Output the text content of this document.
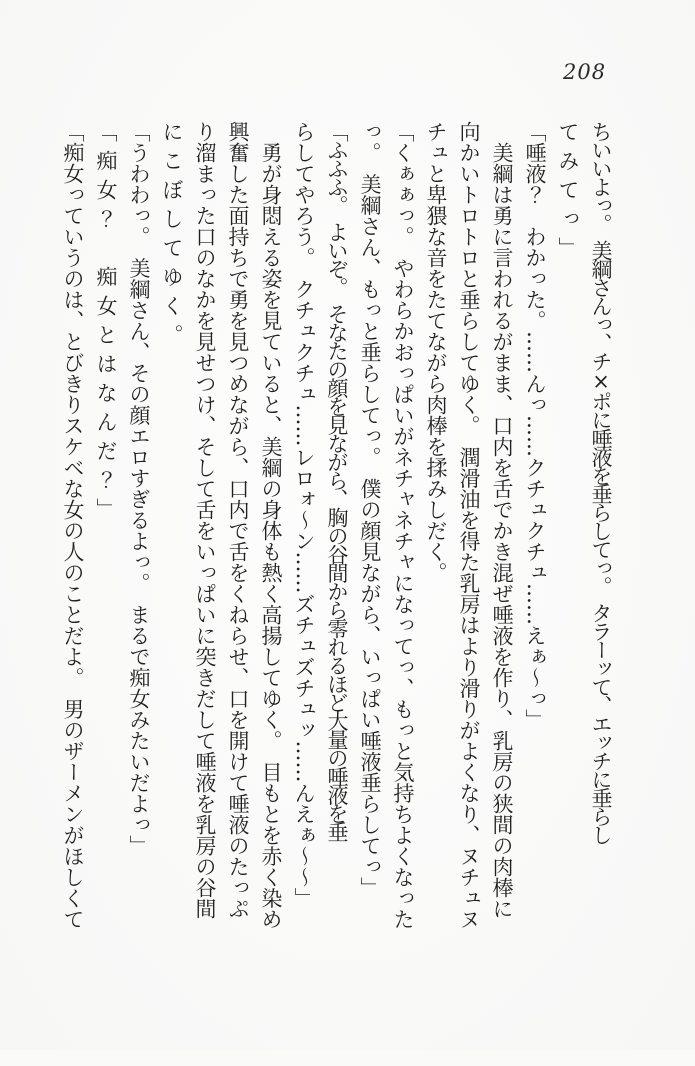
208

ちいいよっ。　美綱さんっ、チ×ポに唾液を垂らしてっ。　タラーッて、エッチに垂らし

てみてっ」

「唾液？　わかった。……んっ……クチュクチュ……えぁ～っ」

　美綱は勇に言われるがまま、口内を舌でかき混ぜ唾液を作り、乳房の狭間の肉棒に

向かいトロトロと垂らしてゆく。　潤滑油を得た乳房はより滑りがよくなり、ヌチュヌ

チュと卑猥な音をたてながら肉棒を揉みしだく。

「くぁぁっ。　やわらかおっぱいがネチャネチャになってっ、もっと気持ちよくなった

っ。　美綱さん、もっと垂らしてっ。　僕の顔見ながら、いっぱい唾液垂らしてっ」

「ふふふ。　よいぞ。　そなたの顔を見ながら、胸の谷間から零れるほど大量の唾液を垂

らしてやろう。　クチュクチュ……レロォ～ン……ズチュズチュッ……んえぁ～～」

　勇が身悶える姿を見ていると、美綱の身体も熱く高揚してゆく。　目もとを赤く染め

興奮した面持ちで勇を見つめながら、口内で舌をくねらせ、口を開けて唾液のたっぷ

り溜まった口のなかを見せつけ、そして舌をいっぱいに突きだして唾液を乳房の谷間

にこぼしてゆく。

「うわわっ。　美綱さん、その顔エロすぎるよっ。　まるで痴女みたいだよっ」

「痴女？　痴女とはなんだ？」

「痴女っていうのは、とびきりスケベな女の人のことだよ。　男のザーメンがほしくて
